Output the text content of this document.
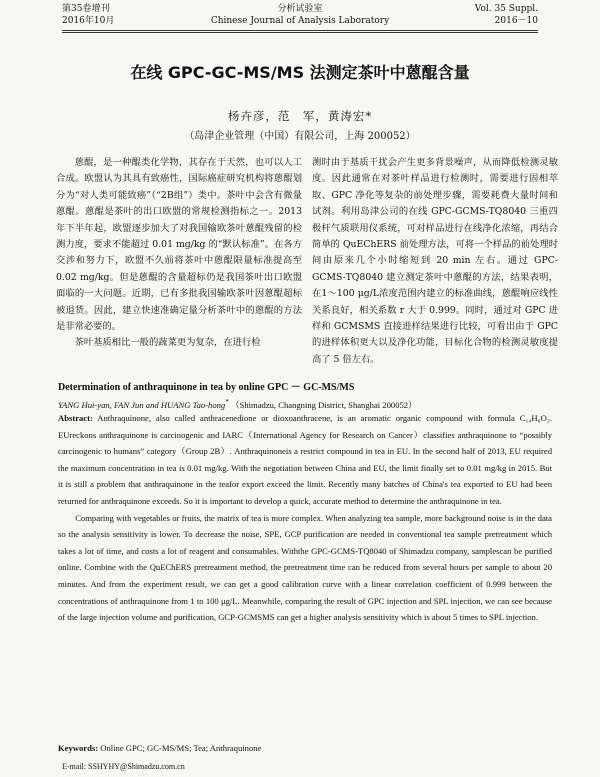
第35卷增刊
2016年10月
分析试验室
Chinese Journal of Analysis Laboratory
Vol. 35 Suppl.
2016－10
在线 GPC-GC-MS/MS 法测定茶叶中蒽醌含量
杨卉彦，范　军，黄涛宏*
（岛津企业管理（中国）有限公司，上海 200052）

蒽醌，是一种醌类化学物，其存在于天然，也可以人工合成。欧盟认为其具有致癌性，国际癌症研究机构将蒽醌划分为“对人类可能致癌”（“2B组”）类中。茶叶中会含有微量蒽醌。蒽醌是茶叶的出口欧盟的常规检测指标之一。2013 年下半年起，欧盟逐步加大了对我国输欧茶叶蒽醌残留的检测力度，要求不能超过 0.01 mg/kg 的“默认标准”。在各方交涉和努力下，欧盟不久前将茶叶中蒽醌限量标准提高至 0.02 mg/kg。但是蒽醌的含量超标仍是我国茶叶出口欧盟面临的一大问题。近期，已有多批我国输欧茶叶因蒽醌超标被退货。因此，建立快速准确定量分析茶叶中的蒽醌的方法是非常必要的。

茶叶基质相比一般的蔬菜更为复杂，在进行检

测时由于基质干扰会产生更多背景噪声，从而降低检测灵敏度。因此通常在对茶叶样品进行检测时，需要进行固相萃取、GPC 净化等复杂的前处理步骤，需要耗费大量时间和试剂。利用岛津公司的在线 GPC-GCMS-TQ8040 三重四极杆气质联用仪系统，可对样品进行在线净化浓缩，再结合简单的 QuEChERS 前处理方法，可将一个样品的前处理时间由原来几个小时缩短到 20 min 左右。通过 GPC-GCMS-TQ8040 建立测定茶叶中蒽醌的方法，结果表明，在1～100 μg/L浓度范围内建立的标准曲线，蒽醌响应线性关系良好，相关系数 r 大于 0.999。同时，通过对 GPC 进样和 GCMSMS 直接进样结果进行比较，可看出由于 GPC 的进样体积更大以及净化功能，目标化合物的检测灵敏度提高了 5 倍左右。

Determination of anthraquinone in tea by online GPC － GC-MS/MS
YANG Hui-yan, FAN Jun and HUANG Tao-hong* （Shimadzu, Changning District, Shanghai 200052）

Abstract: Anthraquinone, also called anthracenedione or dioxoanthracene, is an aromatic organic compound with formula C₁₄H₈O₂. EUreckons anthraquinone is carcinogenic and IARC（International Agency for Research on Cancer）classifies anthraquinone to “possibly carcinogenic to humans” category（Group 2B）. Anthraquinoneis a restrict compound in tea in EU. In the second half of 2013, EU required the maximum concentration in tea is 0.01 mg/kg. With the negotiation between China and EU, the limit finally set to 0.01 mg/kg in 2015. But it is still a problem that anthraquinone in the teafor export exceed the limit. Recently many batches of China's tea exported to EU had been returned for anthraquinone exceeds. So it is important to develop a quick, accurate method to determine the anthraquinone in tea.

Comparing with vegetables or fruits, the matrix of tea is more complex. When analyzing tea sample, more background noise is in the data so the analysis sensitivity is lower. To decrease the noise, SPE, GCP purification are needed in conventional tea sample pretreatment which takes a lot of time, and costs a lot of reagent and consumables. Withthe GPC-GCMS-TQ8040 of Shimadzu company, samplescan be purified online. Combine with the QuEChERS pretreatment method, the pretreatment time can be reduced from several hours per sample to about 20 minutes. And from the experiment result, we can get a good calibration curve with a linear correlation coefficient of 0.999 between the concentrations of anthraquinone from 1 to 100 μg/L. Meanwhile, comparing the result of GPC injection and SPL injection, we can see because of the large injection volume and purification, GCP-GCMSMS can get a higher analysis sensitivity which is about 5 times to SPL injection.

Keywords: Online GPC; GC-MS/MS; Tea; Anthraquinone
E-mail: SSHYHY@Shimadzu.com.cn
